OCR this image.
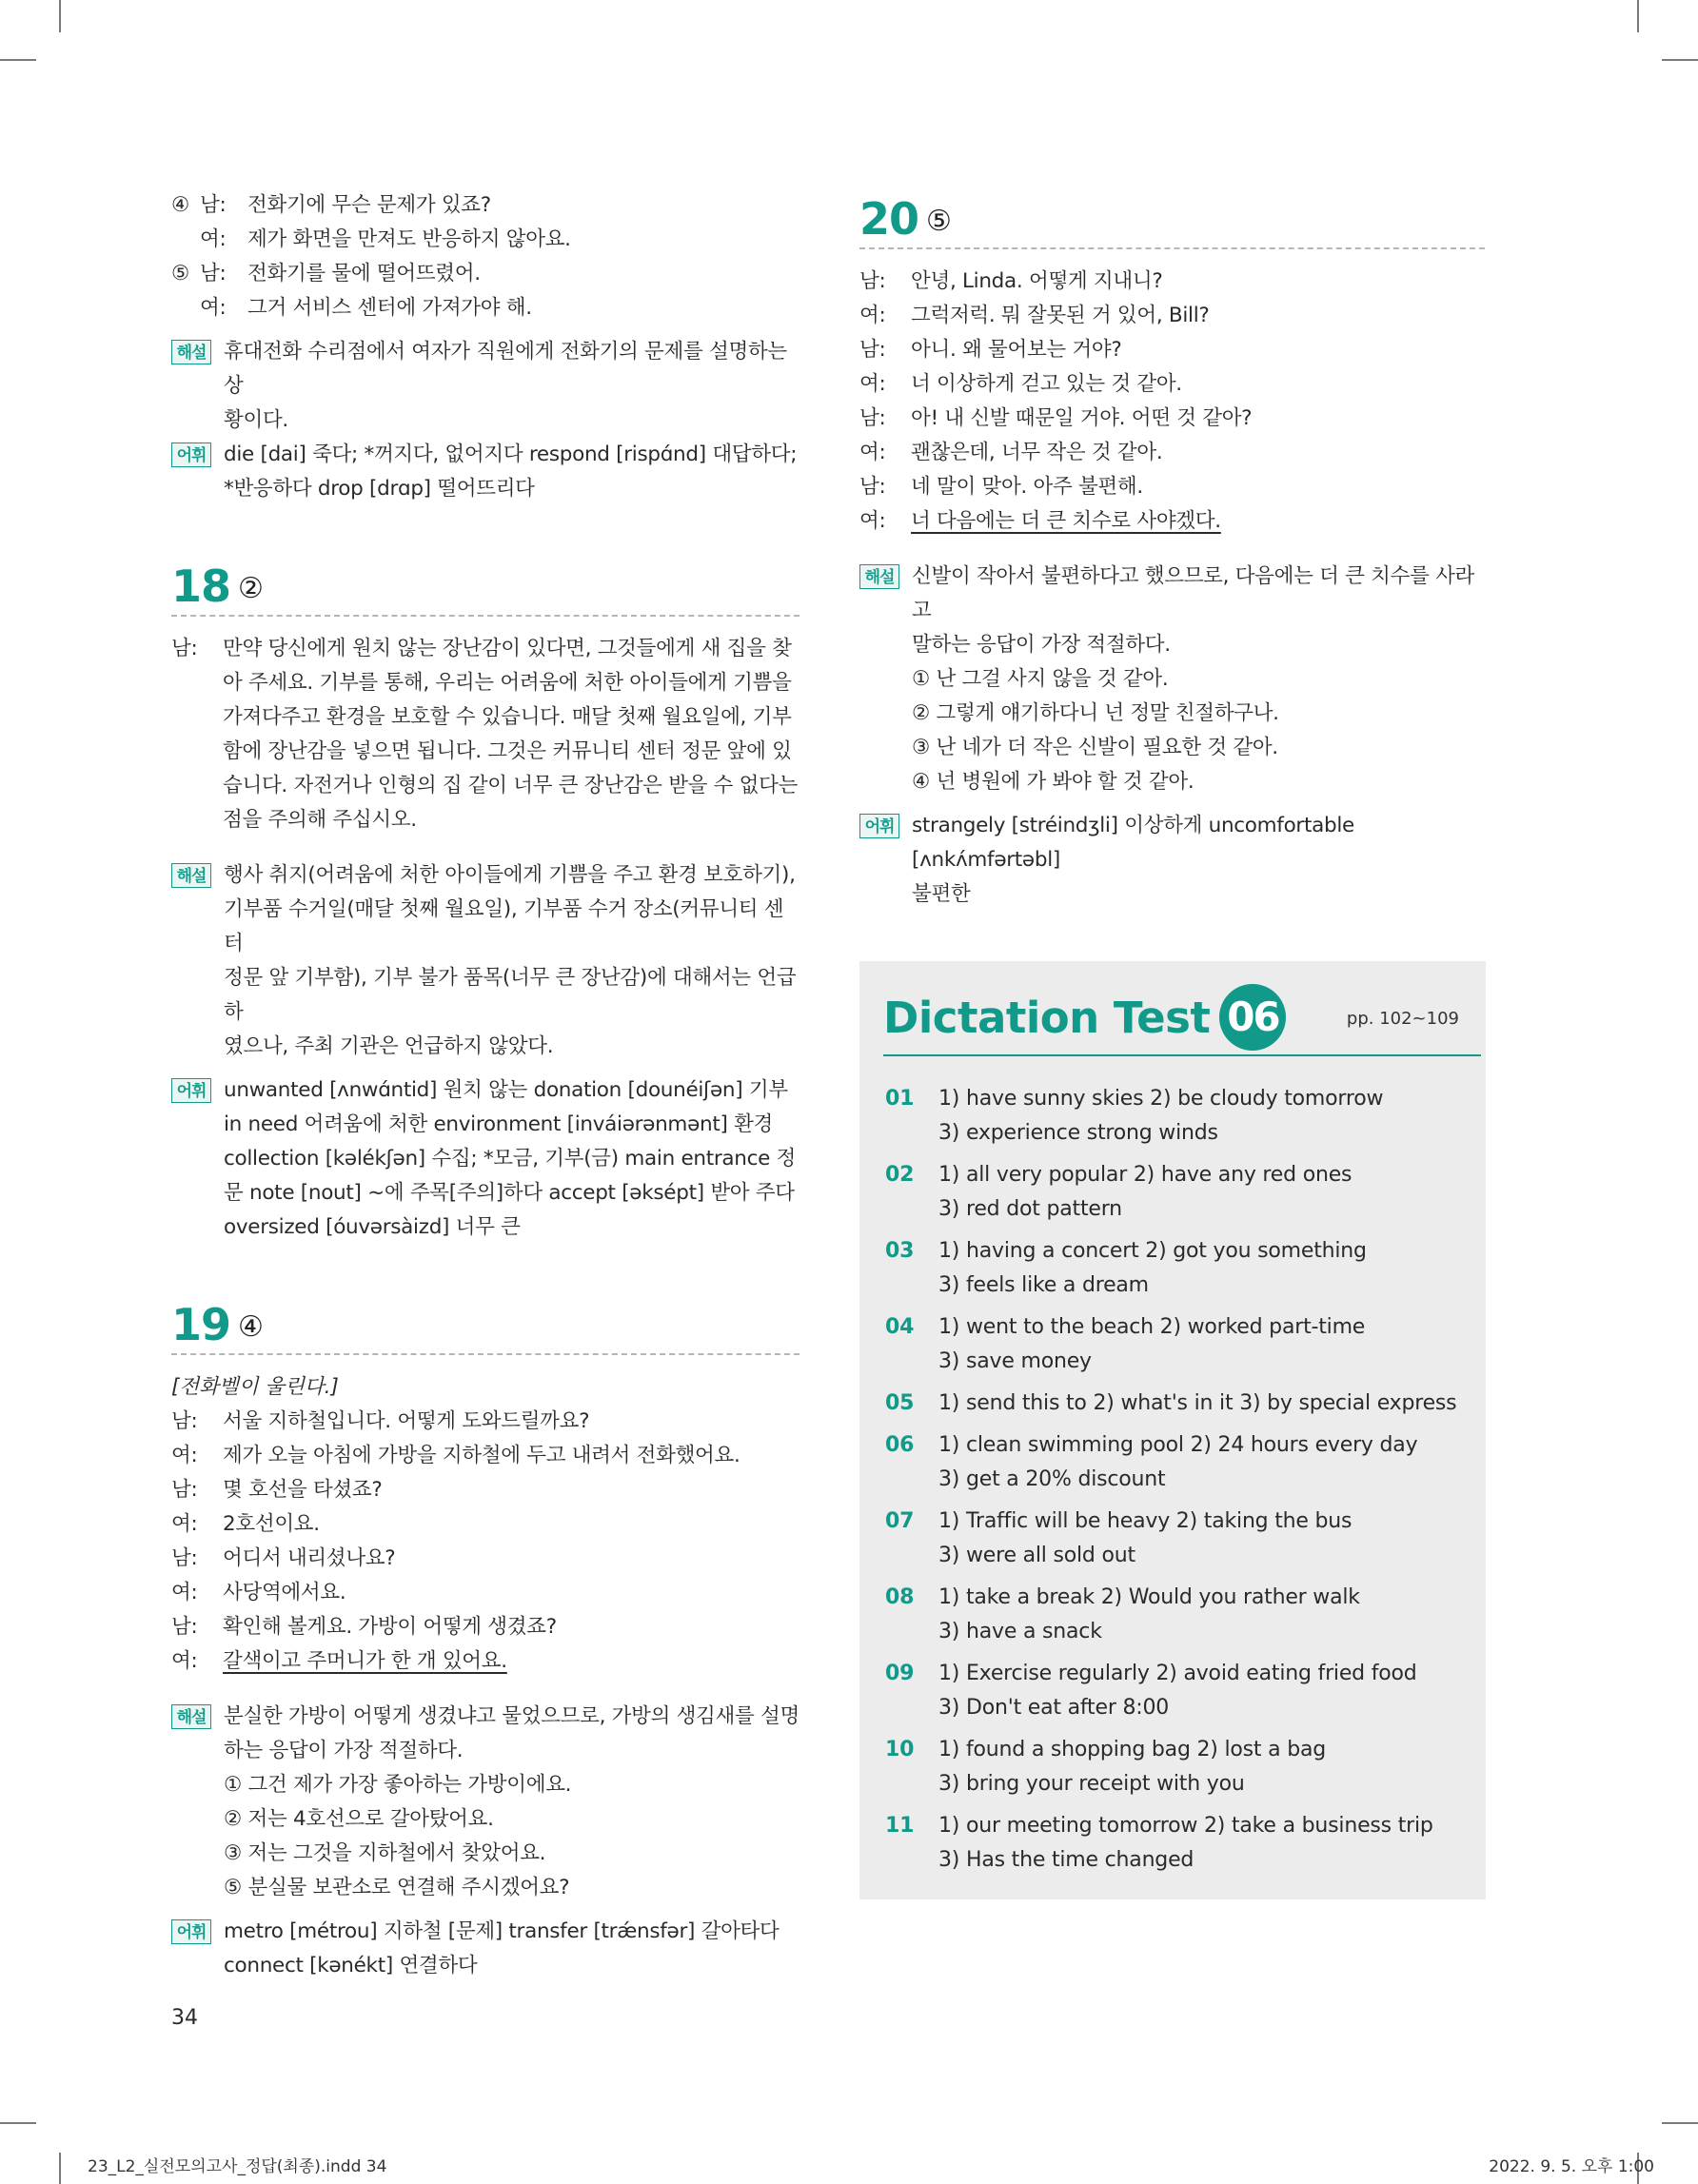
④ 남:	전화기에 무슨 문제가 있죠?
여:	제가 화면을 만져도 반응하지 않아요.
⑤ 남:	전화기를 물에 떨어뜨렸어.
여:	그거 서비스 센터에 가져가야 해.
해설 휴대전화 수리점에서 여자가 직원에게 전화기의 문제를 설명하는 상
황이다.
어휘 die [dai] 죽다; *꺼지다, 없어지다 respond [rispɑ́nd] 대답하다;
*반응하다 drop [drɑp] 떨어뜨리다
18 ②
남:	만약 당신에게 원치 않는 장난감이 있다면, 그것들에게 새 집을 찾
아 주세요. 기부를 통해, 우리는 어려움에 처한 아이들에게 기쁨을
가져다주고 환경을 보호할 수 있습니다. 매달 첫째 월요일에, 기부
함에 장난감을 넣으면 됩니다. 그것은 커뮤니티 센터 정문 앞에 있
습니다. 자전거나 인형의 집 같이 너무 큰 장난감은 받을 수 없다는
점을 주의해 주십시오.
해설 행사 취지(어려움에 처한 아이들에게 기쁨을 주고 환경 보호하기),
기부품 수거일(매달 첫째 월요일), 기부품 수거 장소(커뮤니티 센터
정문 앞 기부함), 기부 불가 품목(너무 큰 장난감)에 대해서는 언급하
였으나, 주최 기관은 언급하지 않았다.
어휘 unwanted [ʌnwɑ́ntid] 원치 않는 donation [dounéiʃən] 기부
in need 어려움에 처한 environment [inváiərənmənt] 환경
collection [kəlékʃən] 수집; *모금, 기부(금) main entrance 정
문 note [nout] ~에 주목[주의]하다 accept [əksépt] 받아 주다
oversized [óuvərsàizd] 너무 큰
19 ④
[전화벨이 울린다.]
남:	서울 지하철입니다. 어떻게 도와드릴까요?
여:	제가 오늘 아침에 가방을 지하철에 두고 내려서 전화했어요.
남:	몇 호선을 타셨죠?
여:	2호선이요.
남:	어디서 내리셨나요?
여:	사당역에서요.
남:	확인해 볼게요. 가방이 어떻게 생겼죠?
여:	갈색이고 주머니가 한 개 있어요.
해설 분실한 가방이 어떻게 생겼냐고 물었으므로, 가방의 생김새를 설명
하는 응답이 가장 적절하다.
① 그건 제가 가장 좋아하는 가방이에요.
② 저는 4호선으로 갈아탔어요.
③ 저는 그것을 지하철에서 찾았어요.
⑤ 분실물 보관소로 연결해 주시겠어요?
어휘 metro [métrou] 지하철 [문제] transfer [trǽnsfər] 갈아타다
connect [kənékt] 연결하다
20 ⑤
남:	안녕, Linda. 어떻게 지내니?
여:	그럭저럭. 뭐 잘못된 거 있어, Bill?
남:	아니. 왜 물어보는 거야?
여:	너 이상하게 걷고 있는 것 같아.
남:	아! 내 신발 때문일 거야. 어떤 것 같아?
여:	괜찮은데, 너무 작은 것 같아.
남:	네 말이 맞아. 아주 불편해.
여:	너 다음에는 더 큰 치수로 사야겠다.
해설 신발이 작아서 불편하다고 했으므로, 다음에는 더 큰 치수를 사라고
말하는 응답이 가장 적절하다.
① 난 그걸 사지 않을 것 같아.
② 그렇게 얘기하다니 넌 정말 친절하구나.
③ 난 네가 더 작은 신발이 필요한 것 같아.
④ 넌 병원에 가 봐야 할 것 같아.
어휘 strangely [stréindʒli] 이상하게 uncomfortable [ʌnkʌ́mfərtəbl]
불편한
Dictation Test 06	pp. 102~109
01	1) have sunny skies 2) be cloudy tomorrow
3) experience strong winds
02	1) all very popular 2) have any red ones
3) red dot pattern
03	1) having a concert 2) got you something
3) feels like a dream
04	1) went to the beach 2) worked part-time
3) save money
05	1) send this to 2) what's in it 3) by special express
06	1) clean swimming pool 2) 24 hours every day
3) get a 20% discount
07	1) Traffic will be heavy 2) taking the bus
3) were all sold out
08	1) take a break 2) Would you rather walk
3) have a snack
09	1) Exercise regularly 2) avoid eating fried food
3) Don't eat after 8:00
10	1) found a shopping bag 2) lost a bag
3) bring your receipt with you
11	1) our meeting tomorrow 2) take a business trip
3) Has the time changed
34
23_L2_실전모의고사_정답(최종).indd 34	2022. 9. 5. 오후 1:00
